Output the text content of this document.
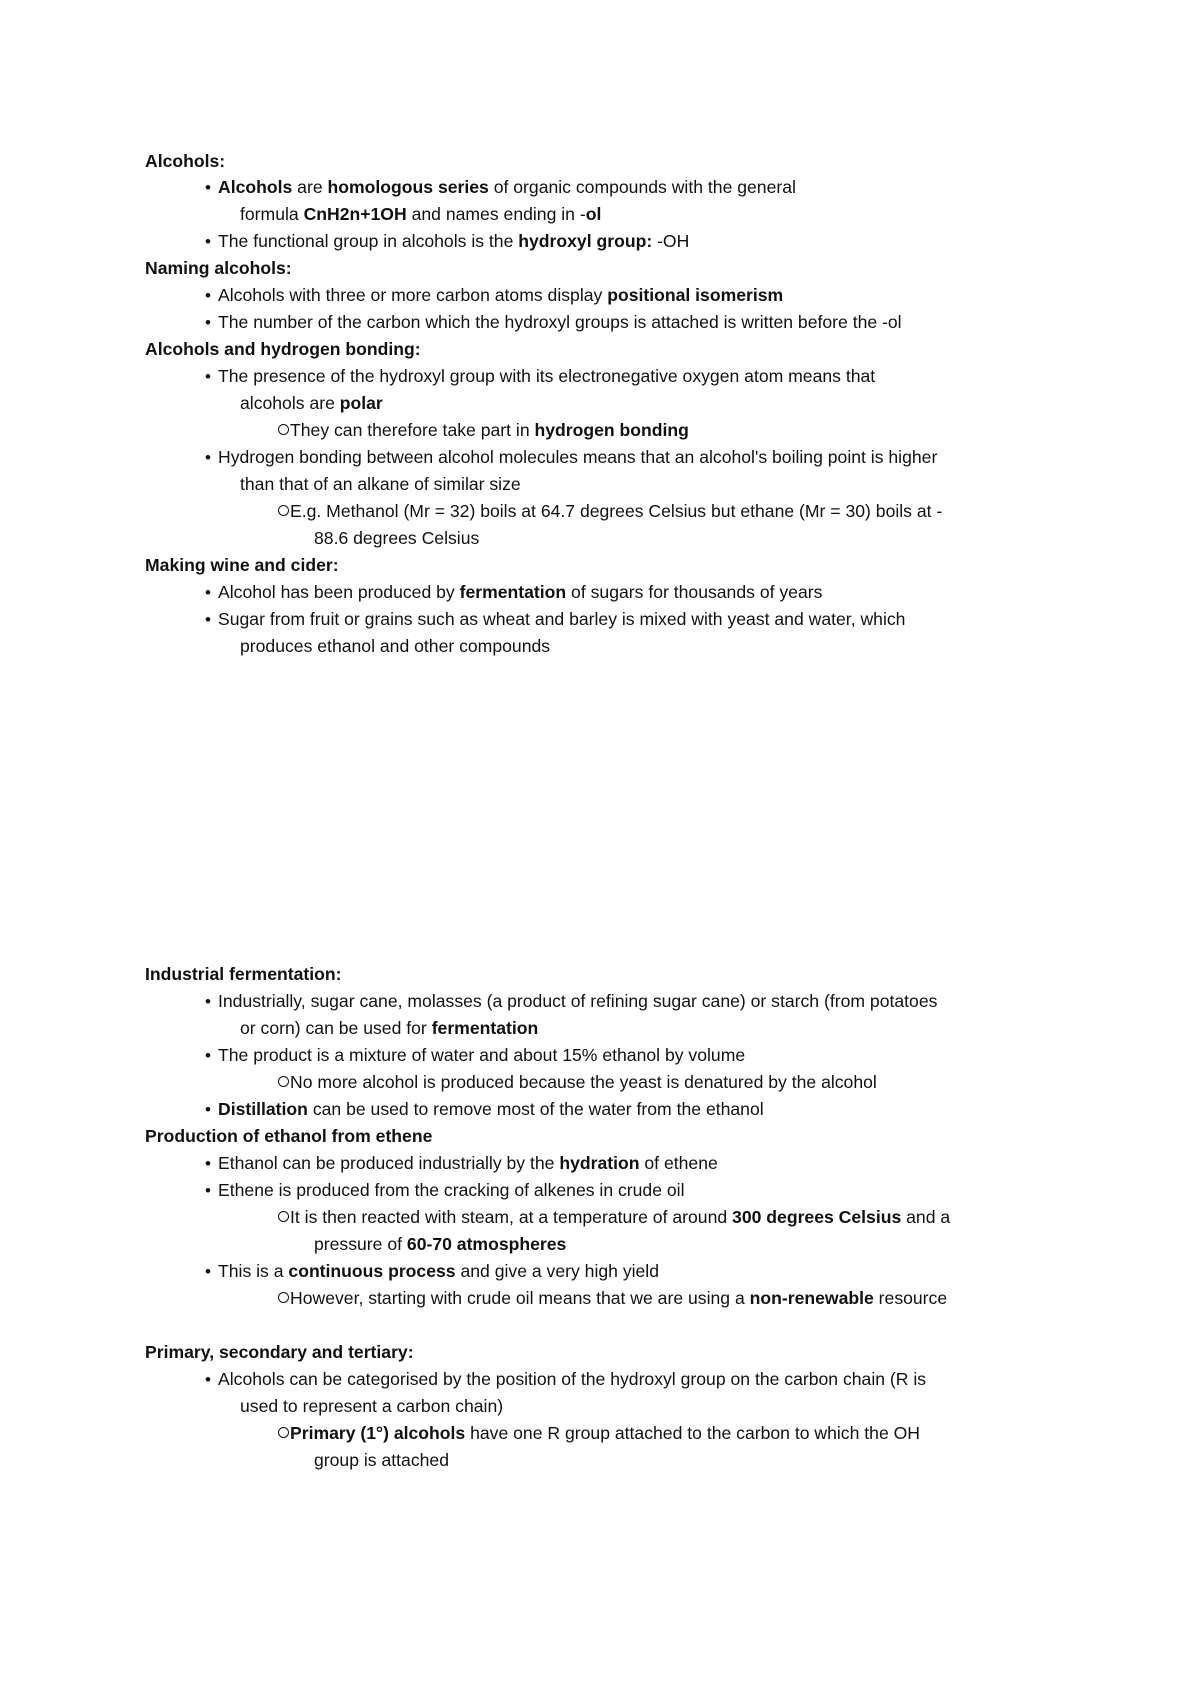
Alcohols:
• Alcohols are homologous series of organic compounds with the general
formula CnH2n+1OH and names ending in -ol
• The functional group in alcohols is the hydroxyl group: -OH
Naming alcohols:
• Alcohols with three or more carbon atoms display positional isomerism
• The number of the carbon which the hydroxyl groups is attached is written before the -ol
Alcohols and hydrogen bonding:
• The presence of the hydroxyl group with its electronegative oxygen atom means that
alcohols are polar
They can therefore take part in hydrogen bonding
• Hydrogen bonding between alcohol molecules means that an alcohol's boiling point is higher
than that of an alkane of similar size
E.g. Methanol (Mr = 32) boils at 64.7 degrees Celsius but ethane (Mr = 30) boils at -
88.6 degrees Celsius
Making wine and cider:
• Alcohol has been produced by fermentation of sugars for thousands of years
• Sugar from fruit or grains such as wheat and barley is mixed with yeast and water, which
produces ethanol and other compounds
Industrial fermentation:
• Industrially, sugar cane, molasses (a product of refining sugar cane) or starch (from potatoes
or corn) can be used for fermentation
• The product is a mixture of water and about 15% ethanol by volume
No more alcohol is produced because the yeast is denatured by the alcohol
• Distillation can be used to remove most of the water from the ethanol
Production of ethanol from ethene
• Ethanol can be produced industrially by the hydration of ethene
• Ethene is produced from the cracking of alkenes in crude oil
It is then reacted with steam, at a temperature of around 300 degrees Celsius and a
pressure of 60-70 atmospheres
• This is a continuous process and give a very high yield
However, starting with crude oil means that we are using a non-renewable resource
Primary, secondary and tertiary:
• Alcohols can be categorised by the position of the hydroxyl group on the carbon chain (R is
used to represent a carbon chain)
Primary (1°) alcohols have one R group attached to the carbon to which the OH
group is attached
